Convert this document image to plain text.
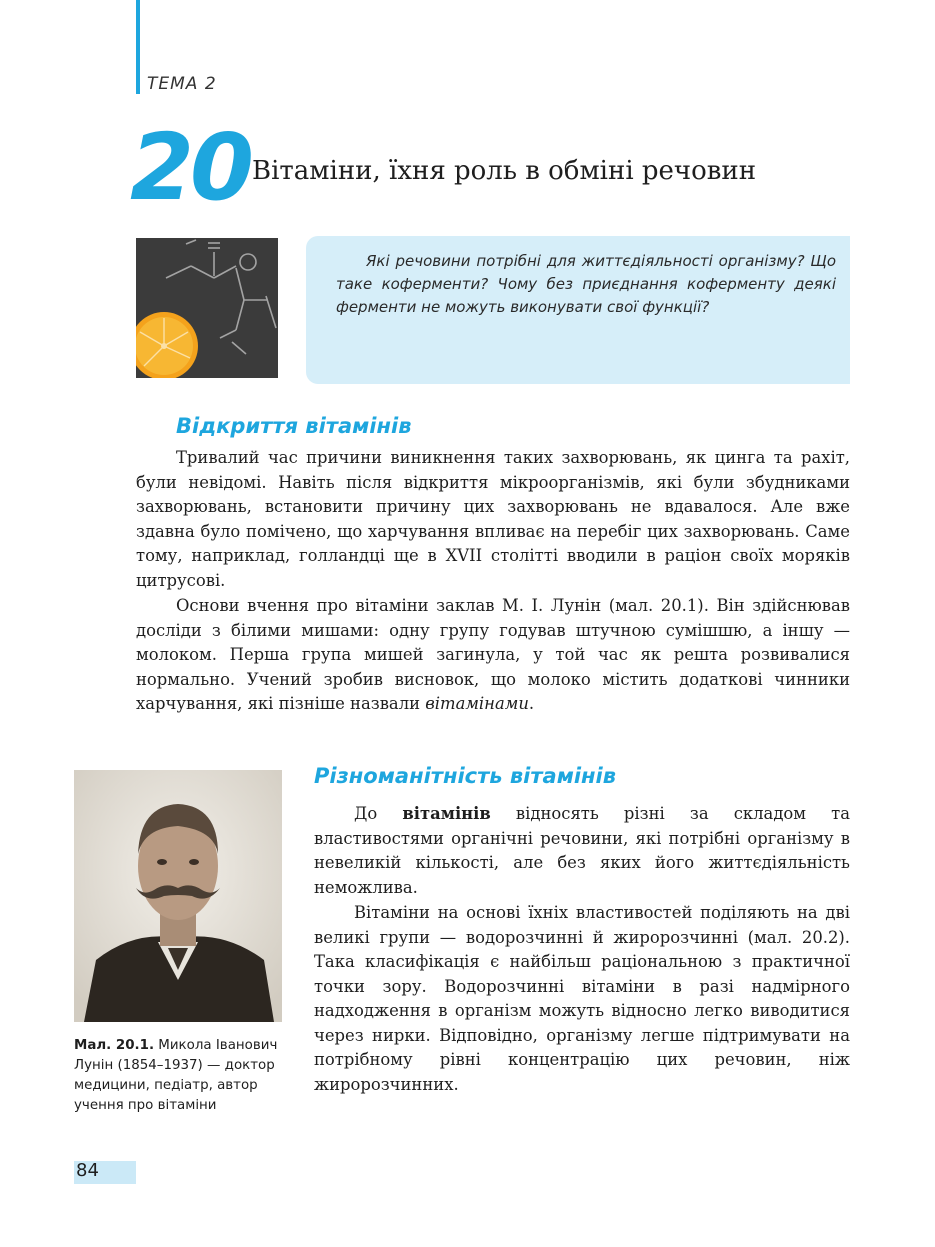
ТЕМА 2
20 Вітаміни, їхня роль в обміні речовин

Які речовини потрібні для життєдіяльності організму? Що таке коферменти? Чому без приєднання коферменту деякі ферменти не можуть виконувати свої функції?

Відкриття вітамінів

Тривалий час причини виникнення таких захворювань, як цинга та рахіт, були невідомі. Навіть після відкриття мікроорганізмів, які були збудниками захворювань, встановити причину цих захворювань не вдавалося. Але вже здавна було помічено, що харчування впливає на перебіг цих захворювань. Саме тому, наприклад, голландці ще в XVII столітті вводили в раціон своїх моряків цитрусові.

Основи вчення про вітаміни заклав М. І. Лунін (мал. 20.1). Він здійснював досліди з білими мишами: одну групу годував штучною сумішшю, а іншу — молоком. Перша група мишей загинула, у той час як решта розвивалися нормально. Учений зробив висновок, що молоко містить додаткові чинники харчування, які пізніше назвали вітамінами.

Мал. 20.1. Микола Іванович Лунін (1854–1937) — доктор медицини, педіатр, автор учення про вітаміни

Різноманітність вітамінів

До вітамінів відносять різні за складом та властивостями органічні речовини, які потрібні організму в невеликій кількості, але без яких його життєдіяльність неможлива.

Вітаміни на основі їхніх властивостей поділяють на дві великі групи — водорозчинні й жиророзчинні (мал. 20.2). Така класифікація є найбільш раціональною з практичної точки зору. Водорозчинні вітаміни в разі надмірного надходження в організм можуть відносно легко виводитися через нирки. Відповідно, організму легше підтримувати на потрібному рівні концентрацію цих речовин, ніж жиророзчинних.

84
